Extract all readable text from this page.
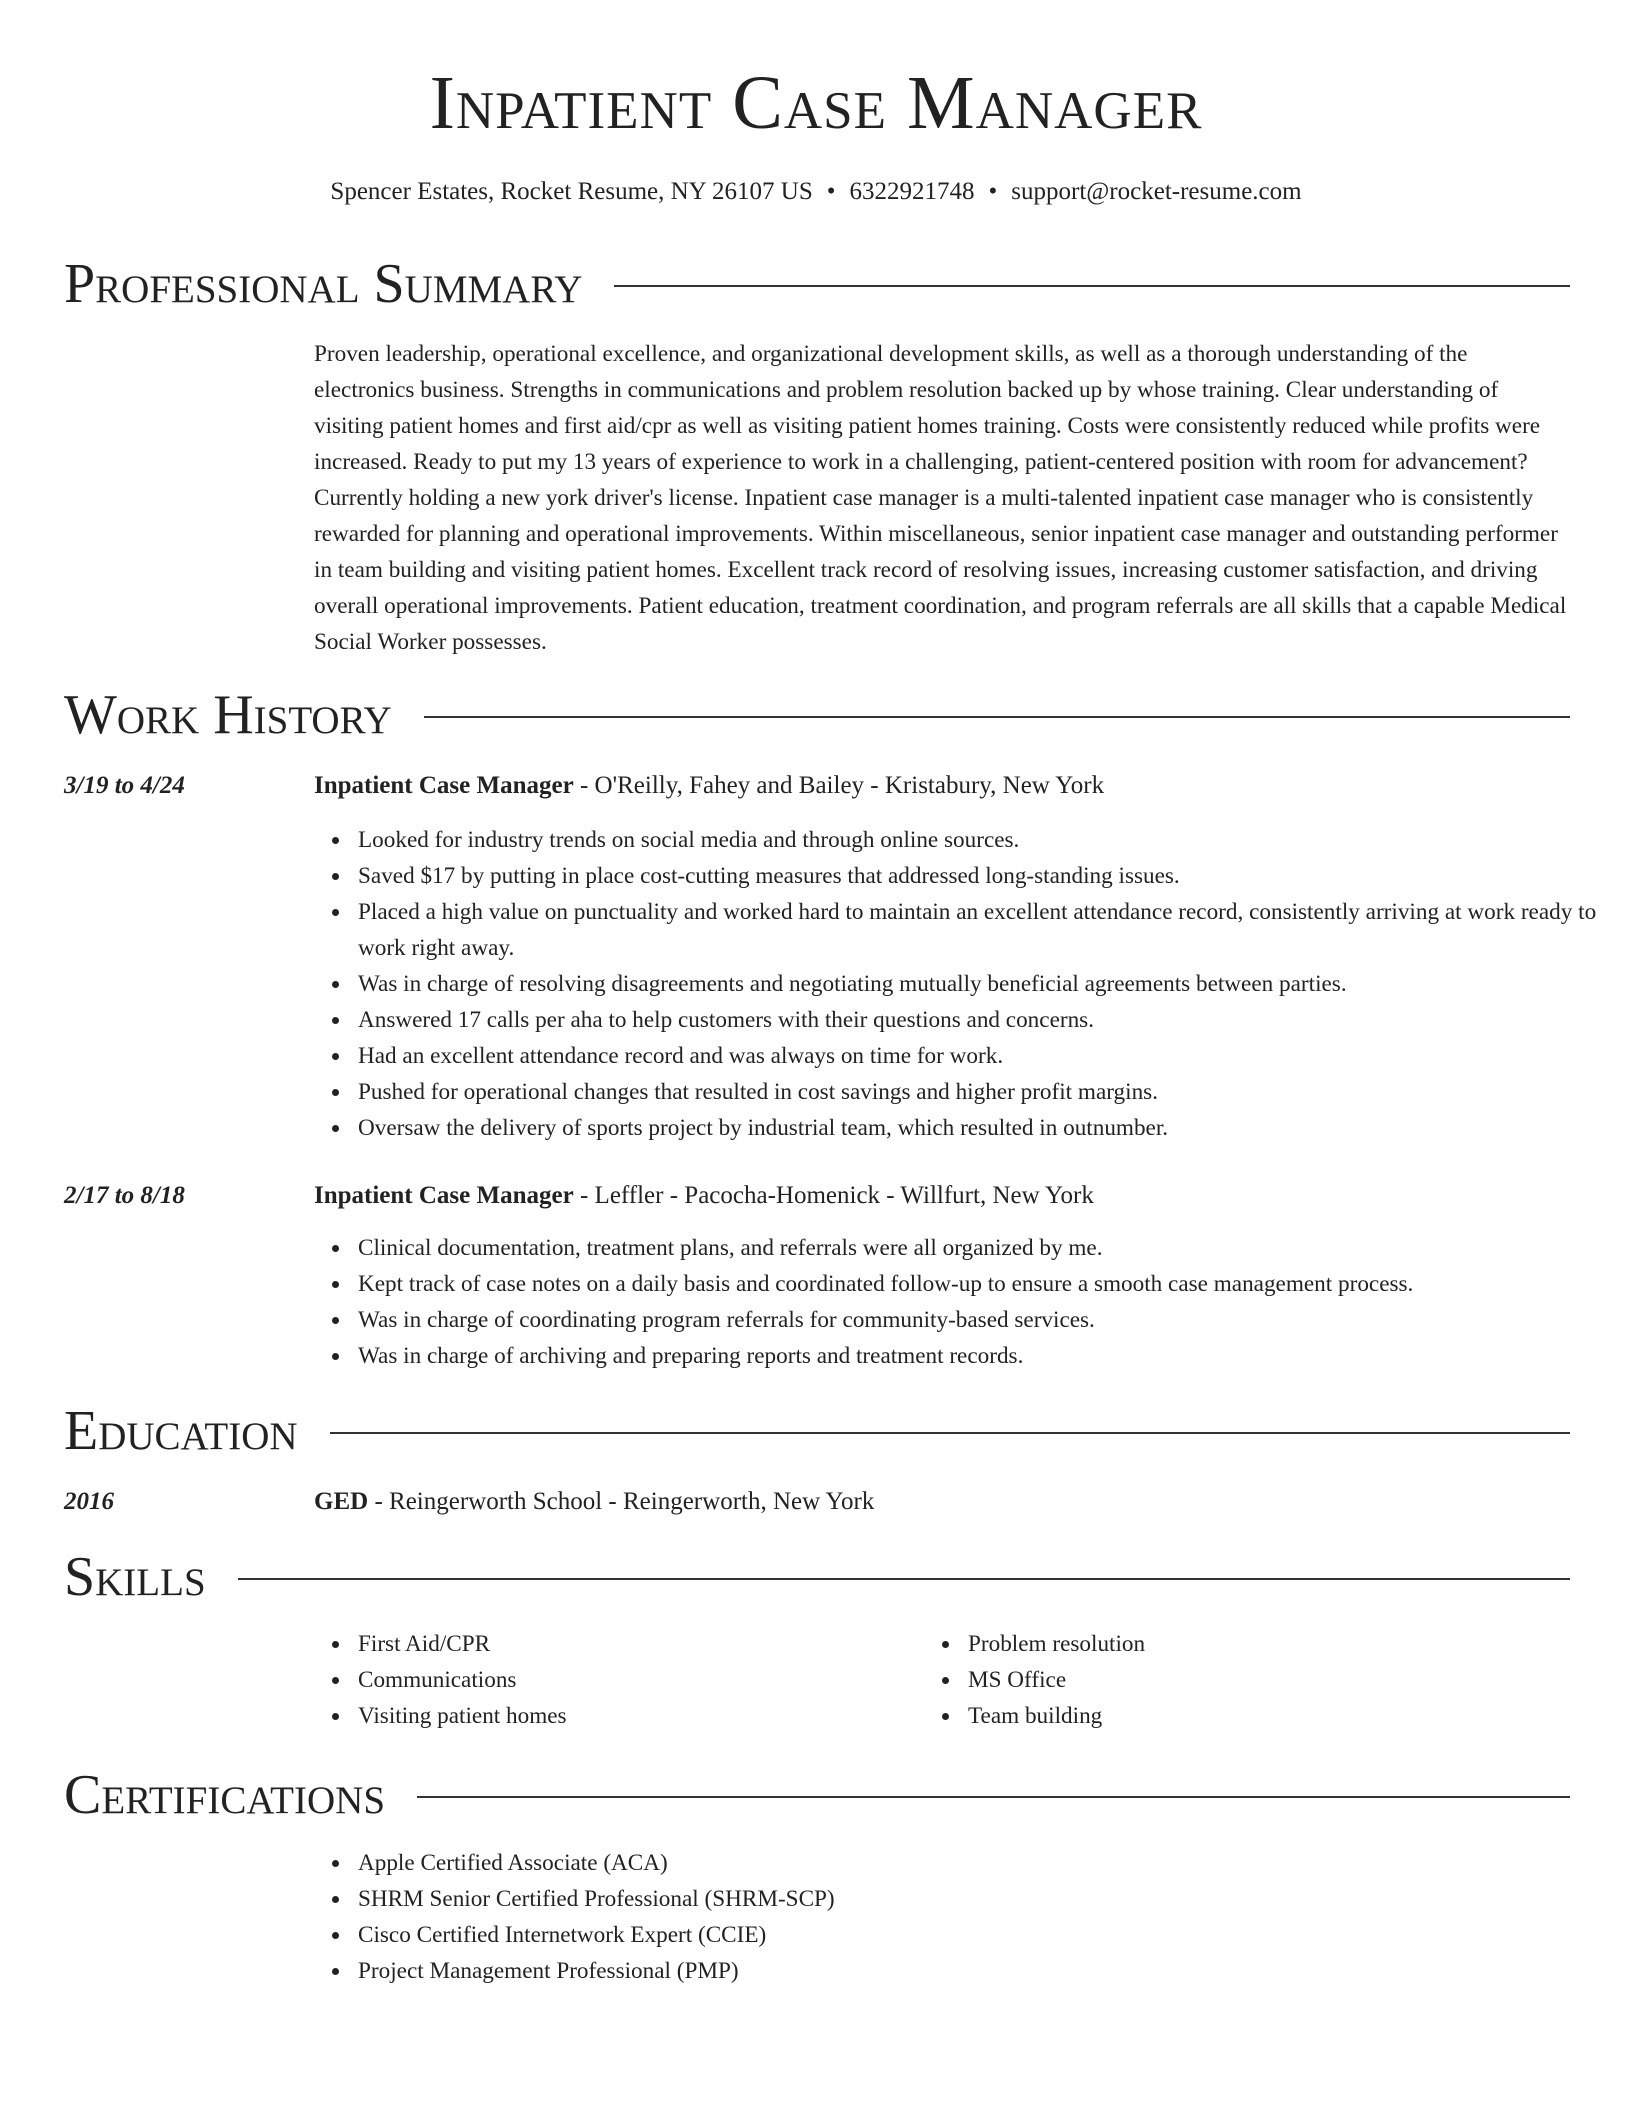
Inpatient Case Manager
Spencer Estates, Rocket Resume, NY 26107 US • 6322921748 • support@rocket-resume.com
Professional Summary

Proven leadership, operational excellence, and organizational development skills, as well as a thorough understanding of the electronics business. Strengths in communications and problem resolution backed up by whose training. Clear understanding of visiting patient homes and first aid/cpr as well as visiting patient homes training. Costs were consistently reduced while profits were increased. Ready to put my 13 years of experience to work in a challenging, patient-centered position with room for advancement? Currently holding a new york driver's license. Inpatient case manager is a multi-talented inpatient case manager who is consistently rewarded for planning and operational improvements. Within miscellaneous, senior inpatient case manager and outstanding performer in team building and visiting patient homes. Excellent track record of resolving issues, increasing customer satisfaction, and driving overall operational improvements. Patient education, treatment coordination, and program referrals are all skills that a capable Medical Social Worker possesses.

Work History
3/19 to 4/24	Inpatient Case Manager - O'Reilly, Fahey and Bailey - Kristabury, New York
Looked for industry trends on social media and through online sources.
Saved $17 by putting in place cost-cutting measures that addressed long-standing issues.
Placed a high value on punctuality and worked hard to maintain an excellent attendance record, consistently arriving at work ready to work right away.
Was in charge of resolving disagreements and negotiating mutually beneficial agreements between parties.
Answered 17 calls per aha to help customers with their questions and concerns.
Had an excellent attendance record and was always on time for work.
Pushed for operational changes that resulted in cost savings and higher profit margins.
Oversaw the delivery of sports project by industrial team, which resulted in outnumber.
2/17 to 8/18	Inpatient Case Manager - Leffler - Pacocha-Homenick - Willfurt, New York
Clinical documentation, treatment plans, and referrals were all organized by me.
Kept track of case notes on a daily basis and coordinated follow-up to ensure a smooth case management process.
Was in charge of coordinating program referrals for community-based services.
Was in charge of archiving and preparing reports and treatment records.
Education
2016	GED - Reingerworth School - Reingerworth, New York
Skills
First Aid/CPR
Communications
Visiting patient homes
Problem resolution
MS Office
Team building
Certifications
Apple Certified Associate (ACA)
SHRM Senior Certified Professional (SHRM-SCP)
Cisco Certified Internetwork Expert (CCIE)
Project Management Professional (PMP)
